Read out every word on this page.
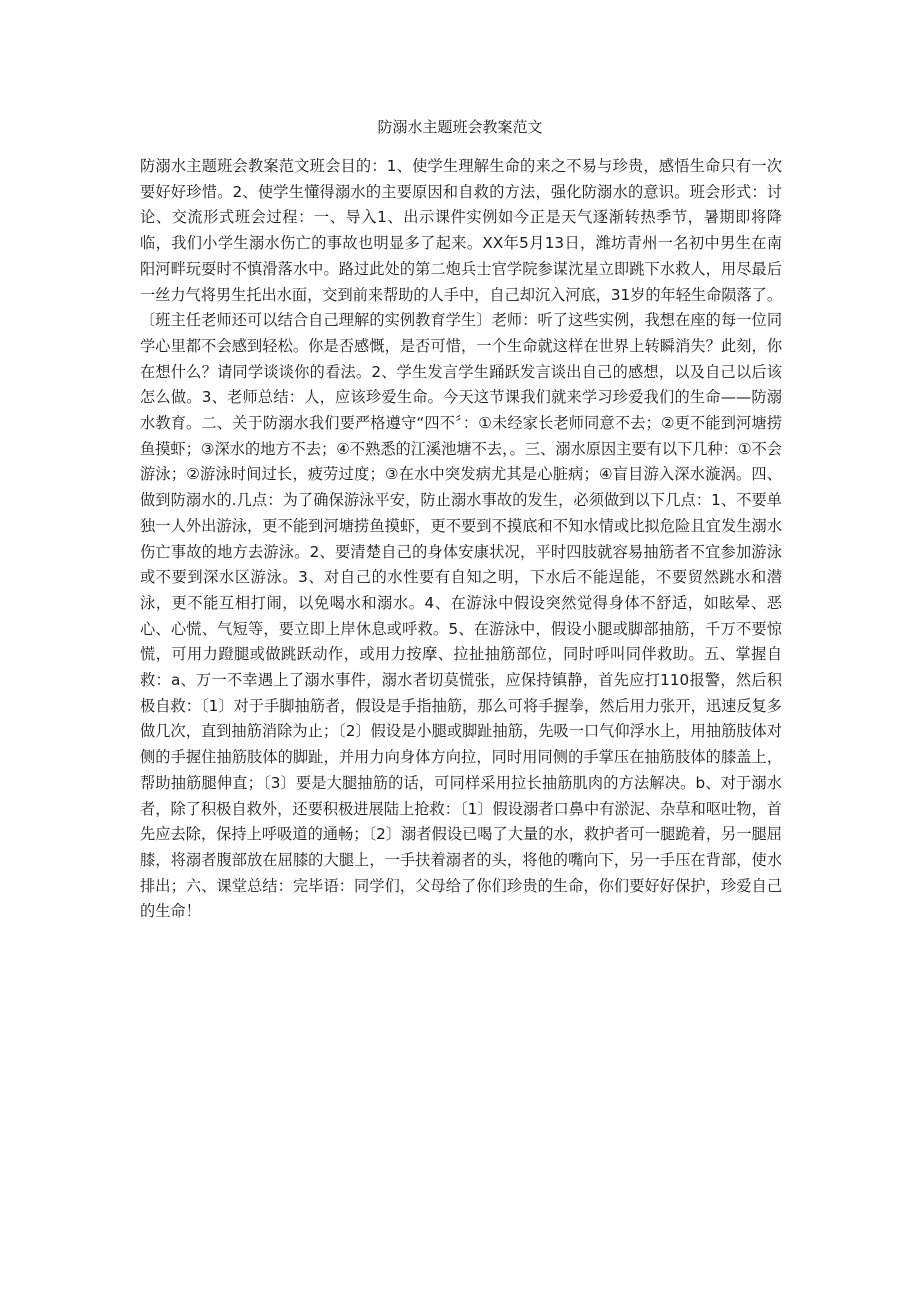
防溺水主题班会教案范文

防溺水主题班会教案范文班会目的：1、使学生理解生命的来之不易与珍贵，感悟生命只有一次要好好珍惜。2、使学生懂得溺水的主要原因和自救的方法，强化防溺水的意识。班会形式：讨论、交流形式班会过程：一、导入1、出示课件实例如今正是天气逐渐转热季节，暑期即将降临，我们小学生溺水伤亡的事故也明显多了起来。XX年5月13日，潍坊青州一名初中男生在南阳河畔玩耍时不慎滑落水中。路过此处的第二炮兵士官学院参谋沈星立即跳下水救人，用尽最后一丝力气将男生托出水面，交到前来帮助的人手中，自己却沉入河底，31岁的年轻生命陨落了。〔班主任老师还可以结合自己理解的实例教育学生〕老师：听了这些实例，我想在座的每一位同学心里都不会感到轻松。你是否感慨，是否可惜，一个生命就这样在世界上转瞬消失？此刻，你在想什么？请同学谈谈你的看法。2、学生发言学生踊跃发言谈出自己的感想，以及自己以后该怎么做。3、老师总结：人，应该珍爱生命。今天这节课我们就来学习珍爱我们的生命——防溺水教育。二、关于防溺水我们要严格遵守“四不〞：①未经家长老师同意不去；②更不能到河塘捞鱼摸虾；③深水的地方不去；④不熟悉的江溪池塘不去，。三、溺水原因主要有以下几种：①不会游泳；②游泳时间过长，疲劳过度；③在水中突发病尤其是心脏病；④盲目游入深水漩涡。四、做到防溺水的.几点：为了确保游泳平安，防止溺水事故的发生，必须做到以下几点：1、不要单独一人外出游泳，更不能到河塘捞鱼摸虾，更不要到不摸底和不知水情或比拟危险且宜发生溺水伤亡事故的地方去游泳。2、要清楚自己的身体安康状况，平时四肢就容易抽筋者不宜参加游泳或不要到深水区游泳。3、对自己的水性要有自知之明，下水后不能逞能，不要贸然跳水和潜泳，更不能互相打闹，以免喝水和溺水。4、在游泳中假设突然觉得身体不舒适，如眩晕、恶心、心慌、气短等，要立即上岸休息或呼救。5、在游泳中，假设小腿或脚部抽筋，千万不要惊慌，可用力蹬腿或做跳跃动作，或用力按摩、拉扯抽筋部位，同时呼叫同伴救助。五、掌握自救：a、万一不幸遇上了溺水事件，溺水者切莫慌张，应保持镇静，首先应打110报警，然后积极自救：〔1〕对于手脚抽筋者，假设是手指抽筋，那么可将手握拳，然后用力张开，迅速反复多做几次，直到抽筋消除为止；〔2〕假设是小腿或脚趾抽筋，先吸一口气仰浮水上，用抽筋肢体对侧的手握住抽筋肢体的脚趾，并用力向身体方向拉，同时用同侧的手掌压在抽筋肢体的膝盖上，帮助抽筋腿伸直；〔3〕要是大腿抽筋的话，可同样采用拉长抽筋肌肉的方法解决。b、对于溺水者，除了积极自救外，还要积极进展陆上抢救：〔1〕假设溺者口鼻中有淤泥、杂草和呕吐物，首先应去除，保持上呼吸道的通畅；〔2〕溺者假设已喝了大量的水，救护者可一腿跪着，另一腿屈膝，将溺者腹部放在屈膝的大腿上，一手扶着溺者的头，将他的嘴向下，另一手压在背部，使水排出；六、课堂总结：完毕语：同学们，父母给了你们珍贵的生命，你们要好好保护，珍爱自己的生命！
